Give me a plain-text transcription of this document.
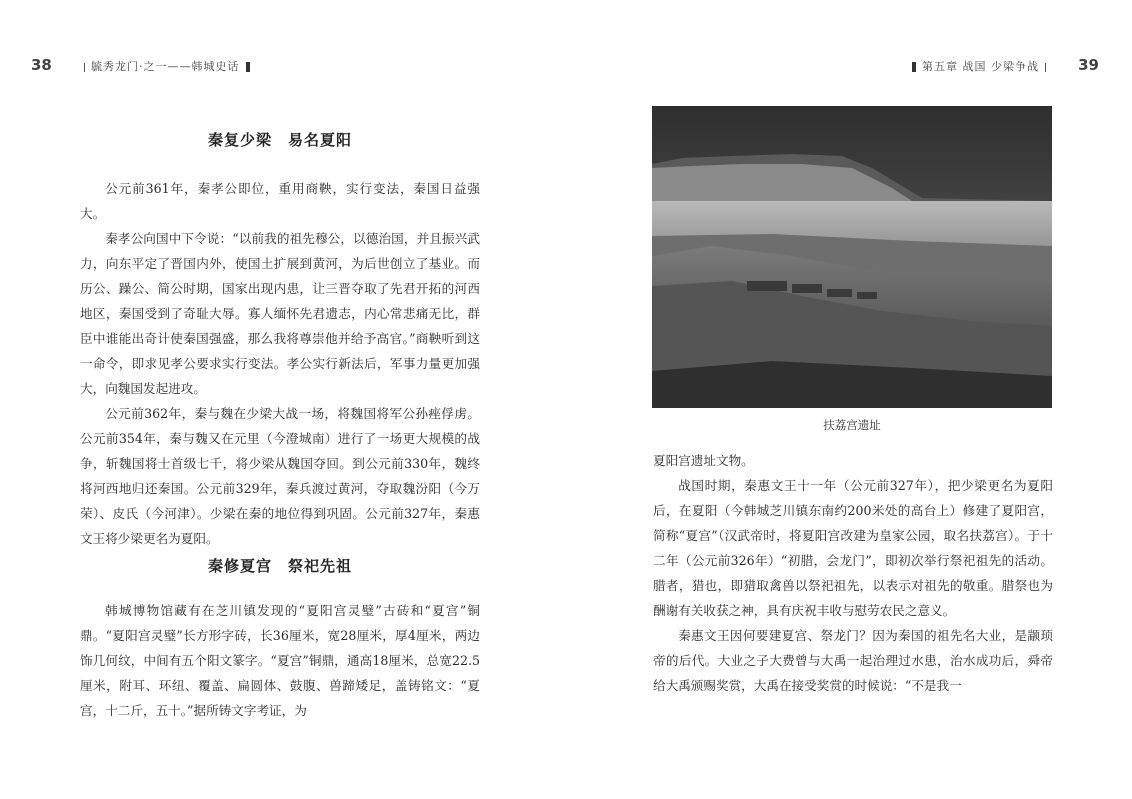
38	毓秀龙门·之一——韩城史话
秦复少梁　易名夏阳

公元前361年，秦孝公即位，重用商鞅，实行变法，秦国日益强大。

秦孝公向国中下令说：“以前我的祖先穆公，以德治国，并且振兴武力，向东平定了晋国内外，使国土扩展到黄河，为后世创立了基业。而历公、躁公、简公时期，国家出现内患，让三晋夺取了先君开拓的河西地区，秦国受到了奇耻大辱。寡人缅怀先君遗志，内心常悲痛无比，群臣中谁能出奇计使秦国强盛，那么我将尊崇他并给予高官。”商鞅听到这一命令，即求见孝公要求实行变法。孝公实行新法后，军事力量更加强大，向魏国发起进攻。

公元前362年，秦与魏在少梁大战一场，将魏国将军公孙痤俘虏。公元前354年，秦与魏又在元里（今澄城南）进行了一场更大规模的战争，斩魏国将士首级七千，将少梁从魏国夺回。到公元前330年，魏终将河西地归还秦国。公元前329年，秦兵渡过黄河，夺取魏汾阳（今万荣）、皮氏（今河津）。少梁在秦的地位得到巩固。公元前327年，秦惠文王将少梁更名为夏阳。

秦修夏宫　祭祀先祖

韩城博物馆藏有在芝川镇发现的“夏阳宫灵璧”古砖和“夏宫”铜鼎。“夏阳宫灵璧”长方形字砖，长36厘米，宽28厘米，厚4厘米，两边饰几何纹，中间有五个阳文篆字。“夏宫”铜鼎，通高18厘米，总宽22.5厘米，附耳、环纽、覆盖、扁圆体、鼓腹、兽蹄矮足，盖铸铭文：“夏宫，十二斤，五十。”据所铸文字考证，为

第五章 战国 少梁争战	39
扶荔宫遗址

夏阳宫遗址文物。

战国时期，秦惠文王十一年（公元前327年），把少梁更名为夏阳后，在夏阳（今韩城芝川镇东南约200米处的高台上）修建了夏阳宫，简称“夏宫”（汉武帝时，将夏阳宫改建为皇家公园，取名扶荔宫）。于十二年（公元前326年）“初腊，会龙门”，即初次举行祭祀祖先的活动。腊者，猎也，即猎取禽兽以祭祀祖先，以表示对祖先的敬重。腊祭也为酬谢有关收获之神，具有庆祝丰收与慰劳农民之意义。

秦惠文王因何要建夏宫、祭龙门？因为秦国的祖先名大业，是颛顼帝的后代。大业之子大费曾与大禹一起治理过水患，治水成功后，舜帝给大禹颁赐奖赏，大禹在接受奖赏的时候说：“不是我一
